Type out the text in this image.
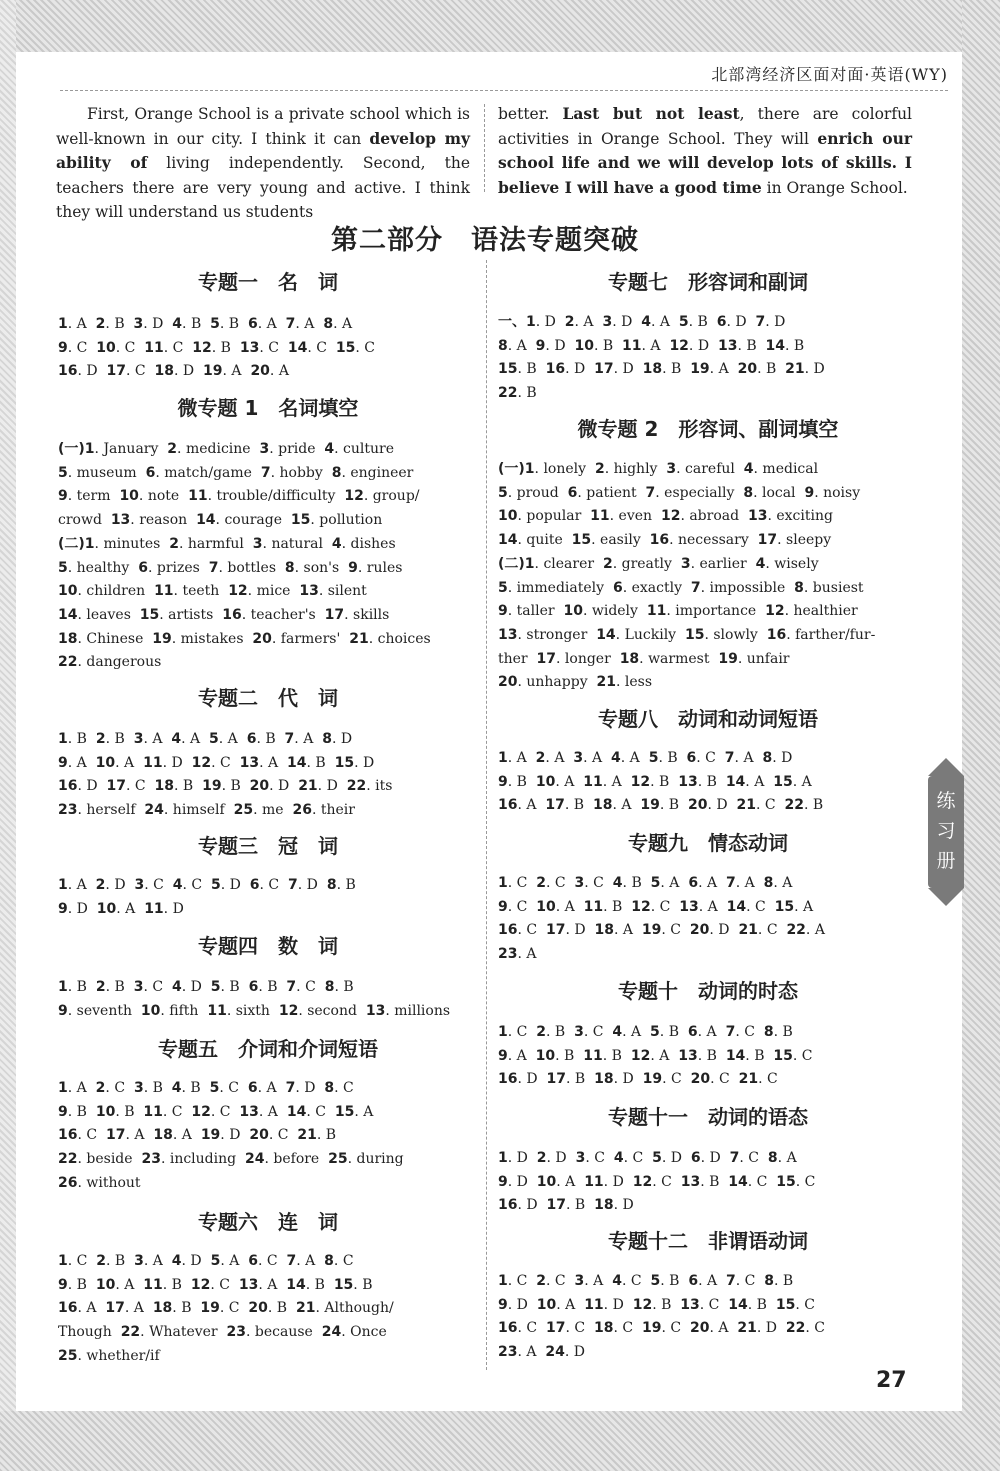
北部湾经济区面对面·英语(WY)

First, Orange School is a private school which is well-known in our city. I think it can develop my ability of living independently. Second, the teachers there are very young and active. I think they will understand us students

better. Last but not least, there are colorful activities in Orange School. They will enrich our school life and we will develop lots of skills. I believe I will have a good time in Orange School.

第二部分　语法专题突破
专题一　名　词
1. A  2. B  3. D  4. B  5. B  6. A  7. A  8. A
9. C  10. C  11. C  12. B  13. C  14. C  15. C
16. D  17. C  18. D  19. A  20. A
微专题 1　名词填空
(一)1. January  2. medicine  3. pride  4. culture
5. museum  6. match/game  7. hobby  8. engineer
9. term  10. note  11. trouble/difficulty  12. group/
crowd  13. reason  14. courage  15. pollution
(二)1. minutes  2. harmful  3. natural  4. dishes
5. healthy  6. prizes  7. bottles  8. son's  9. rules
10. children  11. teeth  12. mice  13. silent
14. leaves  15. artists  16. teacher's  17. skills
18. Chinese  19. mistakes  20. farmers'  21. choices
22. dangerous
专题二　代　词
1. B  2. B  3. A  4. A  5. A  6. B  7. A  8. D
9. A  10. A  11. D  12. C  13. A  14. B  15. D
16. D  17. C  18. B  19. B  20. D  21. D  22. its
23. herself  24. himself  25. me  26. their
专题三　冠　词
1. A  2. D  3. C  4. C  5. D  6. C  7. D  8. B
9. D  10. A  11. D
专题四　数　词
1. B  2. B  3. C  4. D  5. B  6. B  7. C  8. B
9. seventh  10. fifth  11. sixth  12. second  13. millions
专题五　介词和介词短语
1. A  2. C  3. B  4. B  5. C  6. A  7. D  8. C
9. B  10. B  11. C  12. C  13. A  14. C  15. A
16. C  17. A  18. A  19. D  20. C  21. B
22. beside  23. including  24. before  25. during
26. without
专题六　连　词
1. C  2. B  3. A  4. D  5. A  6. C  7. A  8. C
9. B  10. A  11. B  12. C  13. A  14. B  15. B
16. A  17. A  18. B  19. C  20. B  21. Although/
Though  22. Whatever  23. because  24. Once
25. whether/if
专题七　形容词和副词
一、1. D  2. A  3. D  4. A  5. B  6. D  7. D
8. A  9. D  10. B  11. A  12. D  13. B  14. B
15. B  16. D  17. D  18. B  19. A  20. B  21. D
22. B
微专题 2　形容词、副词填空
(一)1. lonely  2. highly  3. careful  4. medical
5. proud  6. patient  7. especially  8. local  9. noisy
10. popular  11. even  12. abroad  13. exciting
14. quite  15. easily  16. necessary  17. sleepy
(二)1. clearer  2. greatly  3. earlier  4. wisely
5. immediately  6. exactly  7. impossible  8. busiest
9. taller  10. widely  11. importance  12. healthier
13. stronger  14. Luckily  15. slowly  16. farther/fur-
ther  17. longer  18. warmest  19. unfair
20. unhappy  21. less
专题八　动词和动词短语
1. A  2. A  3. A  4. A  5. B  6. C  7. A  8. D
9. B  10. A  11. A  12. B  13. B  14. A  15. A
16. A  17. B  18. A  19. B  20. D  21. C  22. B
专题九　情态动词
1. C  2. C  3. C  4. B  5. A  6. A  7. A  8. A
9. C  10. A  11. B  12. C  13. A  14. C  15. A
16. C  17. D  18. A  19. C  20. D  21. C  22. A
23. A
专题十　动词的时态
1. C  2. B  3. C  4. A  5. B  6. A  7. C  8. B
9. A  10. B  11. B  12. A  13. B  14. B  15. C
16. D  17. B  18. D  19. C  20. C  21. C
专题十一　动词的语态
1. D  2. D  3. C  4. C  5. D  6. D  7. C  8. A
9. D  10. A  11. D  12. C  13. B  14. C  15. C
16. D  17. B  18. D
专题十二　非谓语动词
1. C  2. C  3. A  4. C  5. B  6. A  7. C  8. B
9. D  10. A  11. D  12. B  13. C  14. B  15. C
16. C  17. C  18. C  19. C  20. A  21. D  22. C
23. A  24. D
练
习
册
27
